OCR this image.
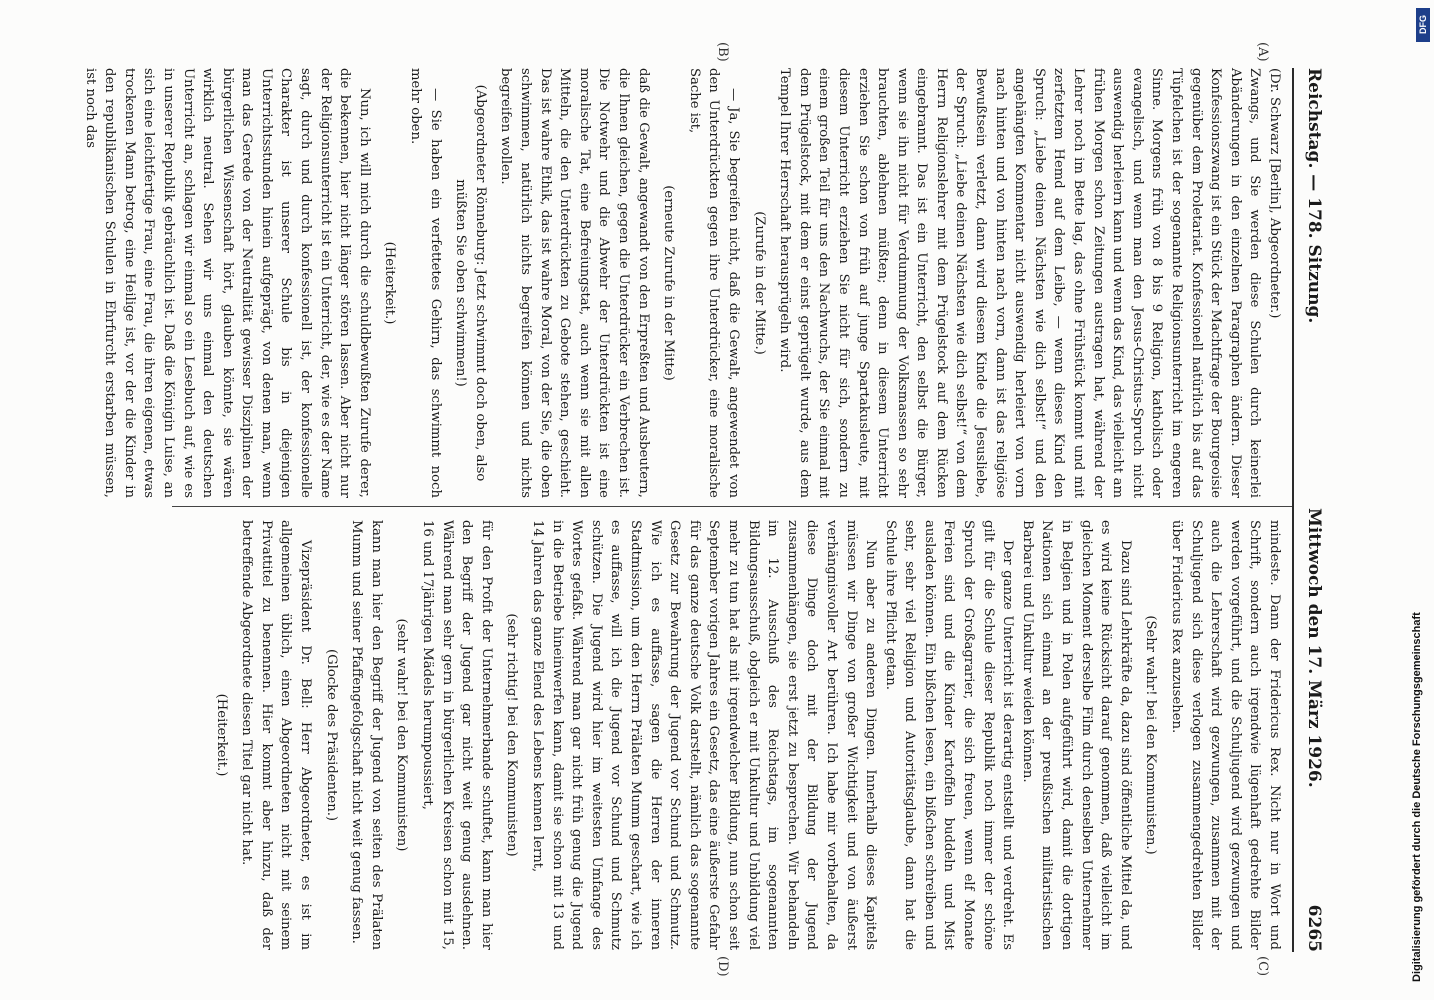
Reichstag. — 178. Sitzung.
Mittwoch den 17. März 1926.
6265

(Dr. Schwarz [Berlin], Abgeordneter.)

Zwangs, und Sie werden diese Schulen durch keinerlei Abänderungen in den einzelnen Paragraphen ändern. Dieser Konfessionszwang ist ein Stück der Machtfrage der Bourgeoisie gegenüber dem Proletariat. Konfessionell natürlich bis auf das Tüpfelchen ist der sogenannte Religionsunterricht im engeren Sinne. Morgens früh von 8 bis 9 Religion, katholisch oder evangelisch, und wenn man den Jesus-Christus-Spruch nicht auswendig herleiern kann und wenn das Kind, das vielleicht am frühen Morgen schon Zeitungen austragen hat, während der Lehrer noch im Bette lag, das ohne Frühstück kommt und mit zerfetztem Hemd auf dem Leibe, — wenn dieses Kind den Spruch: „Liebe deinen Nächsten wie dich selbst!“ und den angehängten Kommentar nicht auswendig herleiert von vorn nach hinten und von hinten nach vorn, dann ist das religiöse Bewußtsein verletzt, dann wird diesem Kinde die Jesusliebe, der Spruch: „Liebe deinen Nächsten wie dich selbst!“ von dem Herrn Religionslehrer mit dem Prügelstock auf dem Rücken eingebrannt. Das ist ein Unterricht, den selbst die Bürger, wenn sie ihn nicht für Verdummung der Volksmassen so sehr brauchten, ablehnen müßten; denn in diesem Unterricht erziehen Sie schon von früh auf junge Spartakusleute, mit diesem Unterricht erziehen Sie nicht für sich, sondern zu einem großen Teil für uns den Nachwuchs, der Sie einmal mit dem Prügelstock, mit dem er einst geprügelt wurde, aus dem Tempel Ihrer Herrschaft herausprügeln wird.

(Zurufe in der Mitte.)

— Ja, Sie begreifen nicht, daß die Gewalt, angewendet von den Unterdrückten gegen ihre Unterdrücker, eine moralische Sache ist,

(erneute Zurufe in der Mitte)

daß die Gewalt, angewandt von den Erpreßten und Ausbeutern, die Ihnen gleichen, gegen die Unterdrücker ein Verbrechen ist. Die Notwehr und die Abwehr der Unterdrückten ist eine moralische Tat, eine Befreiungstat, auch wenn sie mit allen Mitteln, die den Unterdrückten zu Gebote stehen, geschieht. Das ist wahre Ethik, das ist wahre Moral, von der Sie, die oben schwimmen, natürlich nichts begreifen können und nichts begreifen wollen.

(Abgeordneter Rönneburg: Jetzt schwimmt doch oben, also müßten Sie oben schwimmen!)

— Sie haben ein verfettetes Gehirn, das schwimmt noch mehr oben.

(Heiterkeit.)

Nun, ich will mich durch die schuldbewußten Zurufe derer, die bekennen, hier nicht länger stören lassen. Aber nicht nur der Religionsunterricht ist ein Unterricht, der, wie es der Name sagt, durch und durch konfessionell ist, der konfessionelle Charakter ist unserer Schule bis in diejenigen Unterrichtsstunden hinein aufgeprägt, von denen man, wenn man das Gerede von der Neutralität gewisser Disziplinen der bürgerlichen Wissenschaft hört, glauben könnte, sie wären wirklich neutral. Sehen wir uns einmal den deutschen Unterricht an, schlagen wir einmal so ein Lesebuch auf, wie es in unserer Republik gebräuchlich ist. Daß die Königin Luise, an sich eine leichtfertige Frau, eine Frau, die ihren eigenen, etwas trockenen Mann betrog, eine Heilige ist, vor der die Kinder in den republikanischen Schulen in Ehrfurcht erstarben müssen, ist noch das

mindeste. Dann der Fridericus Rex. Nicht nur in Wort und Schrift, sondern auch irgendwie lügenhaft gedrehte Bilder werden vorgeführt, und die Schuljugend wird gezwungen und auch die Lehrerschaft wird gezwungen, zusammen mit der Schuljugend sich diese verlogen zusammengedrehten Bilder über Fridericus Rex anzusehen.

(Sehr wahr! bei den Kommunisten.)

Dazu sind Lehrkräfte da, dazu sind öffentliche Mittel da, und es wird keine Rücksicht darauf genommen, daß vielleicht im gleichen Moment derselbe Film durch denselben Unternehmer in Belgien und in Polen aufgeführt wird, damit die dortigen Nationen sich einmal an der preußischen militaristischen Barbarei und Unkultur weiden können.

Der ganze Unterricht ist derartig entstellt und verdreht. Es gilt für die Schule dieser Republik noch immer der schöne Spruch der Großagrarier, die sich freuen, wenn elf Monate Ferien sind und die Kinder Kartoffeln buddeln und Mist ausladen können. Ein bißchen lesen, ein bißchen schreiben und sehr, sehr viel Religion und Autoritätsglaube, dann hat die Schule ihre Pflicht getan.

Nun aber zu anderen Dingen. Innerhalb dieses Kapitels müssen wir Dinge von großer Wichtigkeit und von äußerst verhängnisvoller Art berühren. Ich habe mir vorbehalten, da diese Dinge doch mit der Bildung der Jugend zusammenhängen, sie erst jetzt zu besprechen. Wir behandeln im 12. Ausschuß des Reichstags, im sogenannten Bildungsausschuß, obgleich er mit Unkultur und Unbildung viel mehr zu tun hat als mit irgendwelcher Bildung, nun schon seit September vorigen Jahres ein Gesetz, das eine äußerste Gefahr für das ganze deutsche Volk darstellt, nämlich das sogenannte Gesetz zur Bewahrung der Jugend vor Schund und Schmutz. Wie ich es auffasse, sagen die Herren der inneren Stadtmission, um den Herrn Prälaten Mumm geschart, wie ich es auffasse, will ich die Jugend vor Schund und Schmutz schützen. Die Jugend wird hier im weitesten Umfange des Wortes gefaßt. Während man gar nicht früh genug die Jugend in die Betriebe hineinwerfen kann, damit sie schon mit 13 und 14 Jahren das ganze Elend des Lebens kennen lernt,

(sehr richtig! bei den Kommunisten)

für den Profit der Unternehmerbande schuftet, kann man hier den Begriff der Jugend gar nicht weit genug ausdehnen. Während man sehr gern in bürgerlichen Kreisen schon mit 15, 16 und 17jährigen Mädels herumpoussiert,

(sehr wahr! bei den Kommunisten)

kann man hier den Begriff der Jugend von seiten des Prälaten Mumm und seiner Pfaffengefolgschaft nicht weit genug fassen.

(Glocke des Präsidenten.)

Vizepräsident Dr. Bell: Herr Abgeordneter, es ist im allgemeinen üblich, einen Abgeordneten nicht mit seinem Privattitel zu benennen. Hier kommt aber hinzu, daß der betreffende Abgeordnete diesen Titel gar nicht hat.

(Heiterkeit.)

(A)
(B)
(C)
(D)
DFG
Digitalisierung gefördert durch die Deutsche Forschungsgemeinschaft
